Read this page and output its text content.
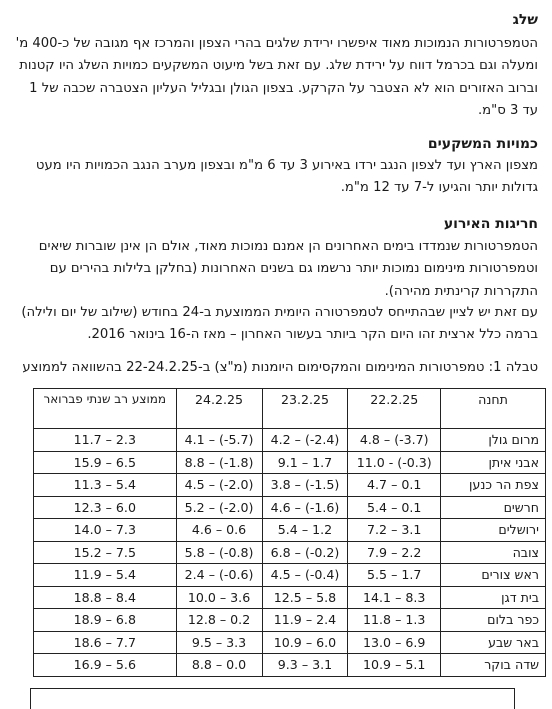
שלג

הטמפרטורות הנמוכות מאוד איפשרו ירידת שלגים בהרי הצפון והמרכז אף מגובה של כ-400 מ' ומעלה וגם בכרמל דווח על ירידת שלג. עם זאת בשל מיעוט המשקעים כמויות השלג היו קטנות וברוב האזורים הוא לא הצטבר על הקרקע. בצפון הגולן ובגליל העליון הצטברה שכבה של 1 עד 3 ס"מ.

כמויות המשקעים

מצפון הארץ ועד לצפון הנגב ירדו באירוע 3 עד 6 מ"מ ובצפון מערב הנגב הכמויות היו מעט גדולות יותר והגיעו ל-7 עד 12 מ"מ.

חריגות האירוע

הטמפרטורות שנמדדו בימים האחרונים הן אמנם נמוכות מאוד, אולם הן אינן שוברות שיאים וטמפרטורות מינימום נמוכות יותר נרשמו גם בשנים האחרונות (בחלקן בלילות בהירים עם התקררות קרינתית מהירה).

עם זאת יש לציין שבהתייחס לטמפרטורה היומית הממוצעת ב-24 בחודש (שילוב של יום ולילה) ברמה כלל ארצית זהו היום הקר ביותר בעשור האחרון – מאז ה-16 בינואר 2016.

טבלה 1: טמפרטורות המינימום והמקסימום היומנות (מ"צ) ב-22-24.2.25 בהשוואה לממוצע
תחנה	22.2.25	23.2.25	24.2.25	ממוצע רב שנתי פברואר
מרום גולן	4.8 – (-3.7)	4.2 – (-2.4)	4.1 – (-5.7)	11.7 – 2.3
אבני איתן	11.0 - (-0.3)	9.1 – 1.7	8.8 – (-1.8)	15.9 – 6.5
צפת הר כנען	4.7 – 0.1	3.8 – (-1.5)	4.5 – (-2.0)	11.3 – 5.4
חרשים	5.4 – 0.1	4.6 – (-1.6)	5.2 – (-2.0)	12.3 – 6.0
ירושלים	7.2 – 3.1	5.4 – 1.2	4.6 – 0.6	14.0 – 7.3
צובה	7.9 – 2.2	6.8 – (-0.2)	5.8 – (-0.8)	15.2 – 7.5
ראש צורים	5.5 – 1.7	4.5 – (-0.4)	2.4 – (-0.6)	11.9 – 5.4
בית דגן	14.1 – 8.3	12.5 – 5.8	10.0 – 3.6	18.8 – 8.4
כפר בלום	11.8 – 1.3	11.9 – 2.4	12.8 – 0.2	18.9 – 6.8
באר שבע	13.0 – 6.9	10.9 – 6.0	9.5 – 3.3	18.6 – 7.7
שדה בוקר	10.9 – 5.1	9.3 – 3.1	8.8 – 0.0	16.9 – 5.6
